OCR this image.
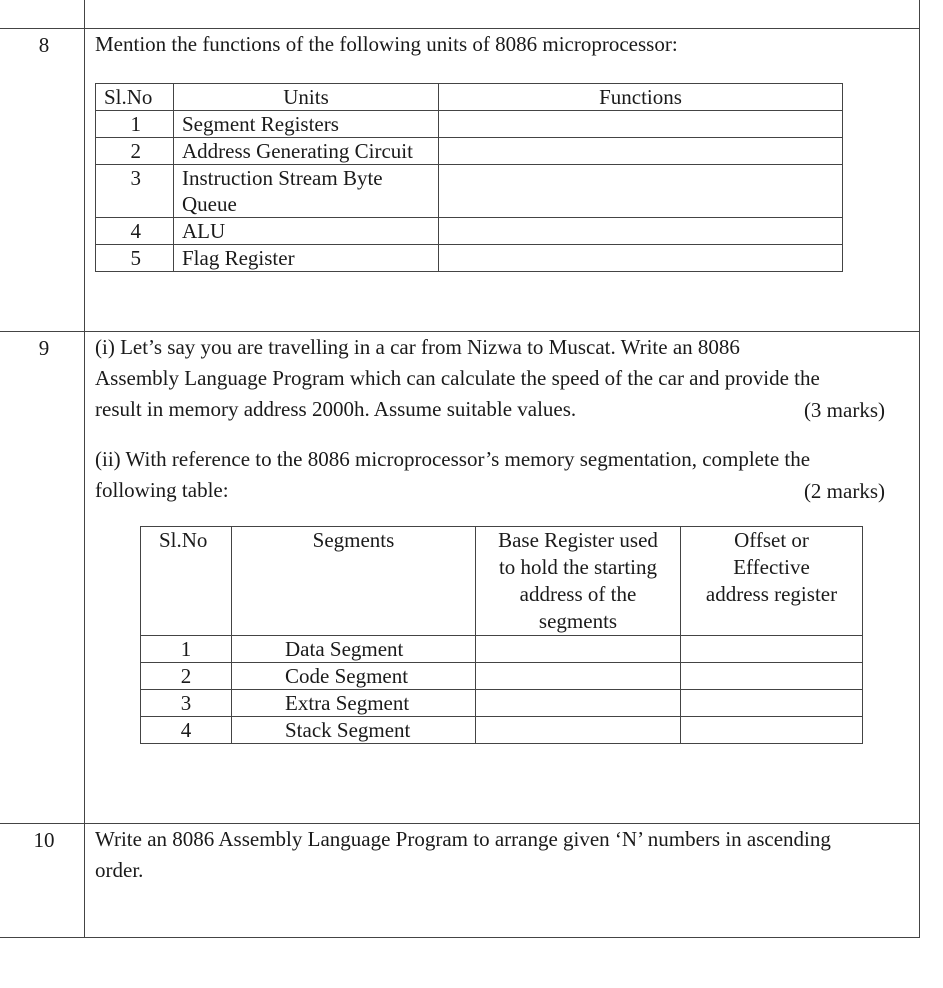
8	Mention the functions of the following units of 8086 microprocessor:
Sl.No	Units	Functions
1	Segment Registers	
2	Address Generating Circuit	
3	Instruction Stream Byte
Queue	
4	ALU	
5	Flag Register	
9	(i) Let’s say you are travelling in a car from Nizwa to Muscat. Write an 8086
Assembly Language Program which can calculate the speed of the car and provide the
result in memory address 2000h. Assume suitable values.	(3 marks)
(ii) With reference to the 8086 microprocessor’s memory segmentation, complete the
following table:	(2 marks)
Sl.No	Segments	Base Register used
to hold the starting
address of the
segments	Offset or
Effective
address register
1	Data Segment		
2	Code Segment		
3	Extra Segment		
4	Stack Segment		
10	Write an 8086 Assembly Language Program to arrange given ‘N’ numbers in ascending
order.
